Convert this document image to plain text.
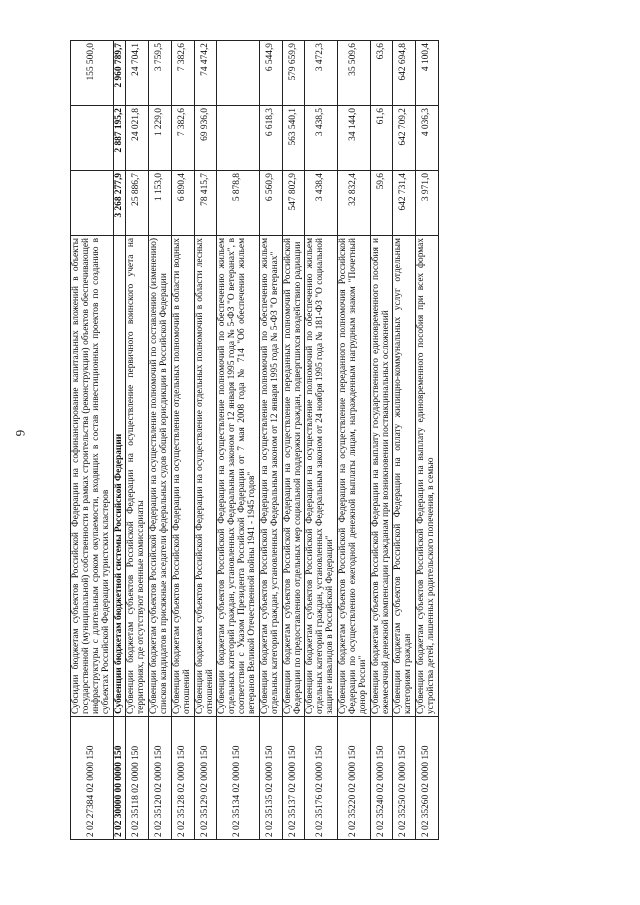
6
2 02 27384 02 0000 150	Субсидии бюджетам субъектов Российской Федерации на софинансирование капитальных вложений в объекты государственной (муниципальной) собственности в рамках строительства (реконструкции) объектов обеспечивающей инфраструктуры с длительным сроком окупаемости, входящих в состав инвестиционных проектов по созданию в субъектах Российской Федерации туристских кластеров			155 500,0
2 02 30000 00 0000 150	Субвенции бюджетам бюджетной системы Российской Федерации	3 268 277,9	2 887 195,2	2 960 789,7
2 02 35118 02 0000 150	Субвенции бюджетам субъектов Российской Федерации на осуществление первичного воинского учета на территориях, где отсутствуют военные комиссариаты	25 886,7	24 021,8	24 704,1
2 02 35120 02 0000 150	Субвенции бюджетам субъектов Российской Федерации на осуществление полномочий по составлению (изменению) списков кандидатов в присяжные заседатели федеральных судов общей юрисдикции в Российской Федерации	1 153,0	1 229,0	3 759,5
2 02 35128 02 0000 150	Субвенции бюджетам субъектов Российской Федерации на осуществление отдельных полномочий в области водных отношений	6 890,4	7 382,6	7 382,6
2 02 35129 02 0000 150	Субвенции бюджетам субъектов Российской Федерации на осуществление отдельных полномочий в области лесных отношений	78 415,7	69 936,0	74 474,2
2 02 35134 02 0000 150	Субвенции бюджетам субъектов Российской Федерации на осуществление полномочий по обеспечению жильем отдельных категорий граждан, установленных Федеральным законом от 12 января 1995 года № 5-ФЗ "О ветеранах", в соответствии с Указом Президента Российской Федерации от 7 мая 2008 года № 714 "Об обеспечении жильем ветеранов Великой Отечественной войны 1941 - 1945 годов"	5 878,8		
2 02 35135 02 0000 150	Субвенции бюджетам субъектов Российской Федерации на осуществление полномочий по обеспечению жильем отдельных категорий граждан, установленных Федеральным законом от 12 января 1995 года № 5-ФЗ "О ветеранах"	6 560,9	6 618,3	6 544,9
2 02 35137 02 0000 150	Субвенции бюджетам субъектов Российской Федерации на осуществление переданных полномочий Российской Федерации по предоставлению отдельных мер социальной поддержки граждан, подвергшихся воздействию радиации	547 802,9	563 540,1	579 659,9
2 02 35176 02 0000 150	Субвенции бюджетам субъектов Российской Федерации на осуществление полномочий по обеспечению жильем отдельных категорий граждан, установленных Федеральным законом от 24 ноября 1995 года № 181-ФЗ "О социальной защите инвалидов в Российской Федерации"	3 438,4	3 438,5	3 472,3
2 02 35220 02 0000 150	Субвенции бюджетам субъектов Российской Федерации на осуществление переданного полномочия Российской Федерации по осуществлению ежегодной денежной выплаты лицам, награжденным нагрудным знаком "Почетный донор России"	32 832,4	34 144,0	35 509,6
2 02 35240 02 0000 150	Субвенции бюджетам субъектов Российской Федерации на выплату государственного единовременного пособия и ежемесячной денежной компенсации гражданам при возникновении поствакцинальных осложнений	59,6	61,6	63,6
2 02 35250 02 0000 150	Субвенции бюджетам субъектов Российской Федерации на оплату жилищно-коммунальных услуг отдельным категориям граждан	642 731,4	642 709,2	642 694,8
2 02 35260 02 0000 150	Субвенции бюджетам субъектов Российской Федерации на выплату единовременного пособия при всех формах устройства детей, лишенных родительского попечения, в семью	3 971,0	4 036,3	4 100,4
